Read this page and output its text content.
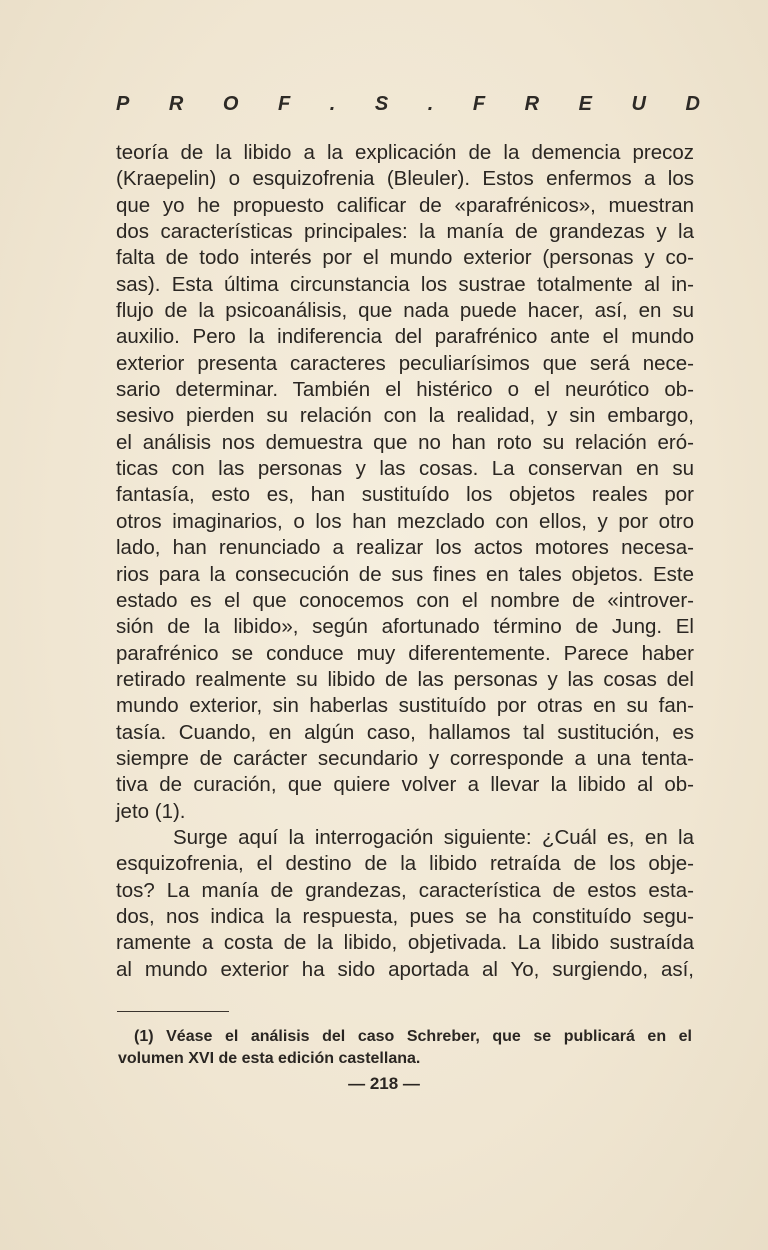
P R O F . S . F R E U D
teoría de la libido a la explicación de la demencia precoz
(Kraepelin) o esquizofrenia (Bleuler). Estos enfermos a los
que yo he propuesto calificar de «parafrénicos», muestran
dos características principales: la manía de grandezas y la
falta de todo interés por el mundo exterior (personas y co-
sas). Esta última circunstancia los sustrae totalmente al in-
flujo de la psicoanálisis, que nada puede hacer, así, en su
auxilio. Pero la indiferencia del parafrénico ante el mundo
exterior presenta caracteres peculiarísimos que será nece-
sario determinar. También el histérico o el neurótico ob-
sesivo pierden su relación con la realidad, y sin embargo,
el análisis nos demuestra que no han roto su relación eró-
ticas con las personas y las cosas. La conservan en su
fantasía, esto es, han sustituído los objetos reales por
otros imaginarios, o los han mezclado con ellos, y por otro
lado, han renunciado a realizar los actos motores necesa-
rios para la consecución de sus fines en tales objetos. Este
estado es el que conocemos con el nombre de «introver-
sión de la libido», según afortunado término de Jung. El
parafrénico se conduce muy diferentemente. Parece haber
retirado realmente su libido de las personas y las cosas del
mundo exterior, sin haberlas sustituído por otras en su fan-
tasía. Cuando, en algún caso, hallamos tal sustitución, es
siempre de carácter secundario y corresponde a una tenta-
tiva de curación, que quiere volver a llevar la libido al ob-
jeto (1).
Surge aquí la interrogación siguiente: ¿Cuál es, en la
esquizofrenia, el destino de la libido retraída de los obje-
tos? La manía de grandezas, característica de estos esta-
dos, nos indica la respuesta, pues se ha constituído segu-
ramente a costa de la libido, objetivada. La libido sustraída
al mundo exterior ha sido aportada al Yo, surgiendo, así,
(1) Véase el análisis del caso Schreber, que se publicará en el
volumen XVI de esta edición castellana.
— 218 —
